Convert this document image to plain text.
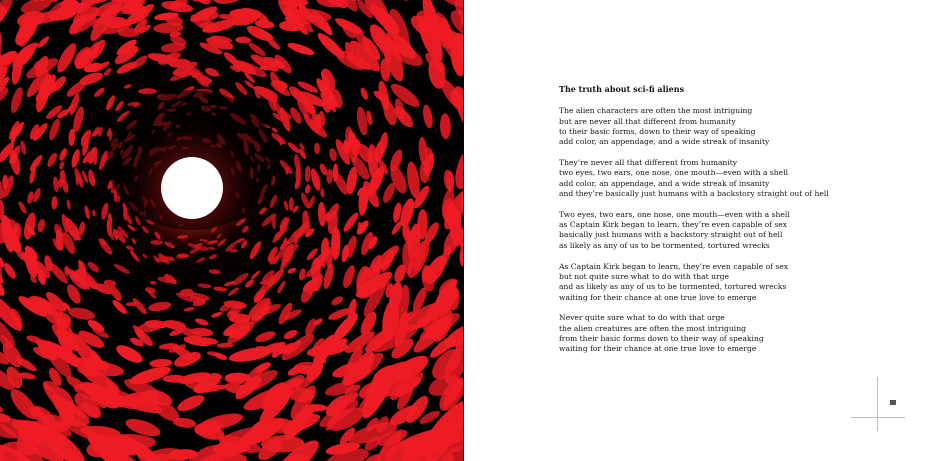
The truth about sci-fi aliens
The alien characters are often the most intriguing
but are never all that different from humanity
to their basic forms, down to their way of speaking
add color, an appendage, and a wide streak of insanity
They’re never all that different from humanity
two eyes, two ears, one nose, one mouth—even with a shell
add color, an appendage, and a wide streak of insanity
and they’re basically just humans with a backstory straight out of hell
Two eyes, two ears, one nose, one mouth—even with a shell
as Captain Kirk began to learn, they’re even capable of sex
basically just humans with a backstory straight out of hell
as likely as any of us to be tormented, tortured wrecks
As Captain Kirk began to learn, they’re even capable of sex
but not quite sure what to do with that urge
and as likely as any of us to be tormented, tortured wrecks
waiting for their chance at one true love to emerge
Never quite sure what to do with that urge
the alien creatures are often the most intriguing
from their basic forms down to their way of speaking
waiting for their chance at one true love to emerge
